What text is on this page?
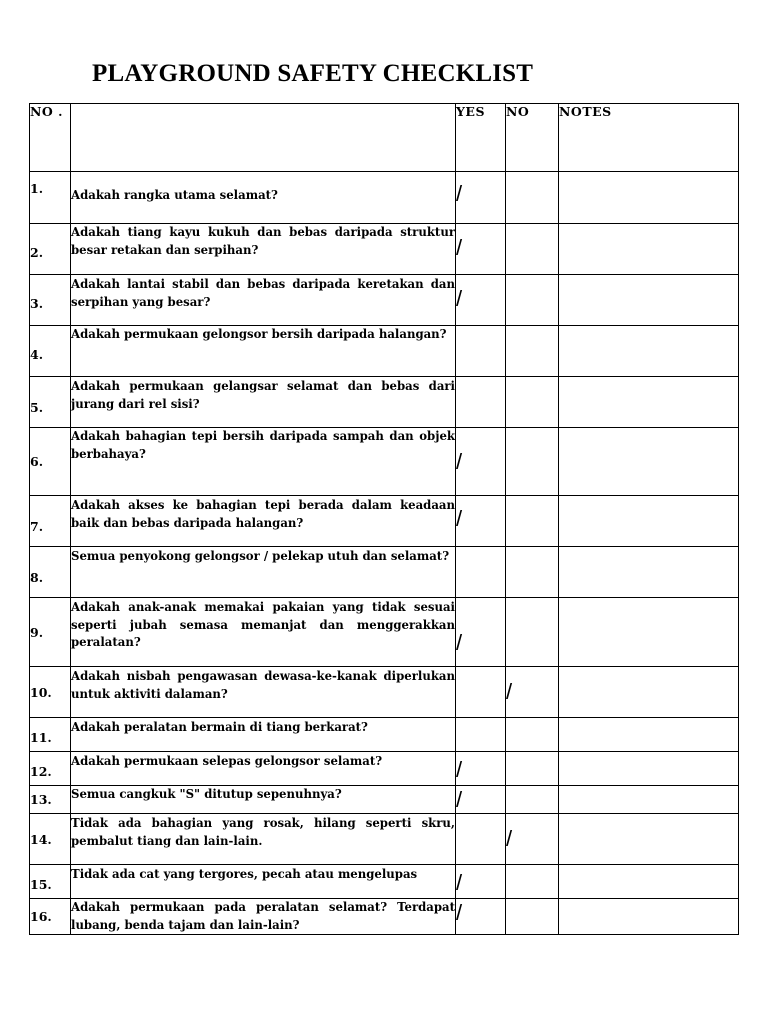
PLAYGROUND SAFETY CHECKLIST
NO .		YES	NO	NOTES
1.	Adakah rangka utama selamat?	/		
2.	Adakah tiang kayu kukuh dan bebas daripada struktur besar retakan dan serpihan?	/		
3.	Adakah lantai stabil dan bebas daripada keretakan dan serpihan yang besar?	/		
4.	Adakah permukaan gelongsor bersih daripada halangan?			

5.	Adakah permukaan gelangsar selamat dan bebas dari jurang dari rel sisi?			

6.	Adakah bahagian tepi bersih daripada sampah dan objek berbahaya?	/		
7.	Adakah akses ke bahagian tepi berada dalam keadaan baik dan bebas daripada halangan?	/		
8.	Semua penyokong gelongsor / pelekap utuh dan selamat?			

9.	Adakah anak-anak memakai pakaian yang tidak sesuai seperti jubah semasa memanjat dan menggerakkan peralatan?	/		
10.	Adakah nisbah pengawasan dewasa-ke-kanak diperlukan untuk aktiviti dalaman?		/	
11.	Adakah peralatan bermain di tiang berkarat?			

12.	Adakah permukaan selepas gelongsor selamat?	/		
13.	Semua cangkuk "S" ditutup sepenuhnya?	/		
14.	Tidak ada bahagian yang rosak, hilang seperti skru, pembalut tiang dan lain-lain.		/	
15.	Tidak ada cat yang tergores, pecah atau mengelupas	/		
16.	Adakah permukaan pada peralatan selamat? Terdapat lubang, benda tajam dan lain-lain?	/		
